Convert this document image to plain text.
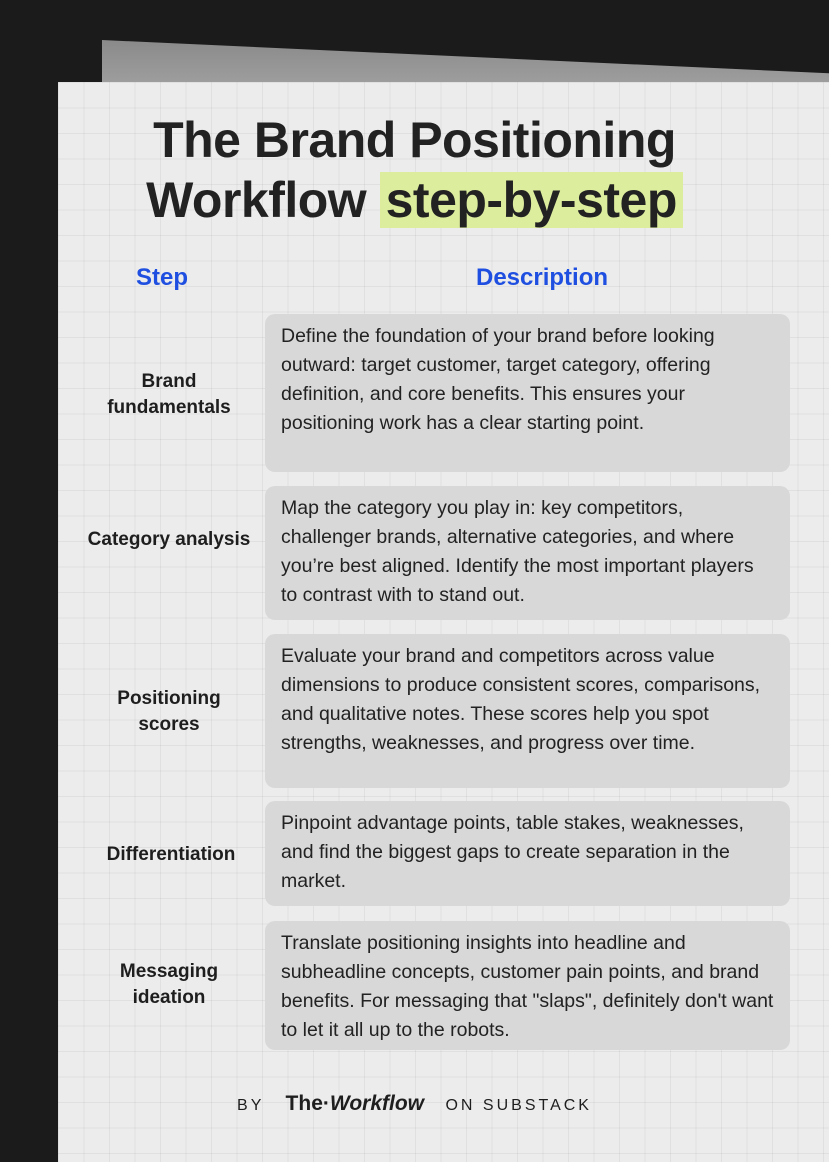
The Brand Positioning
Workflow step-by-step
Step	Description
Brand fundamentals
Define the foundation of your brand before looking outward: target customer, target category, offering definition, and core benefits. This ensures your positioning work has a clear starting point.
Category analysis
Map the category you play in: key competitors, challenger brands, alternative categories, and where you’re best aligned. Identify the most important players to contrast with to stand out.
Positioning scores
Evaluate your brand and competitors across value dimensions to produce consistent scores, comparisons, and qualitative notes. These scores help you spot strengths, weaknesses, and progress over time.
Differentiation
Pinpoint advantage points, table stakes, weaknesses, and find the biggest gaps to create separation in the market.
Messaging ideation
Translate positioning insights into headline and subheadline concepts, customer pain points, and brand benefits. For messaging that "slaps", definitely don't want to let it all up to the robots.
BY The·Workflow ON SUBSTACK
